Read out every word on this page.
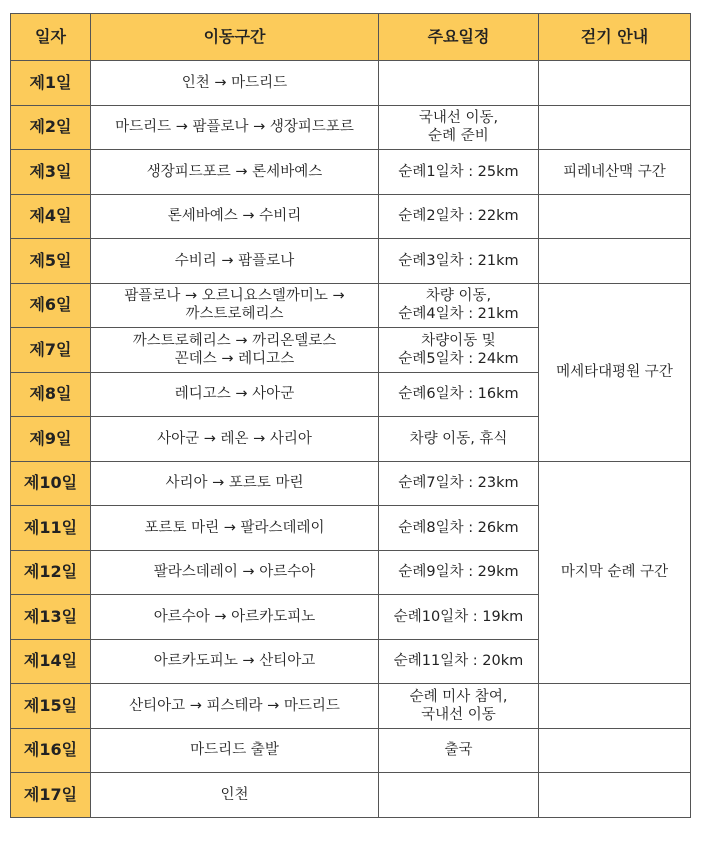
일자	이동구간	주요일정	걷기 안내
제1일	인천 → 마드리드		

제2일	마드리드 → 팜플로나 → 생장피드포르	국내선 이동,
순례 준비	

제3일	생장피드포르 → 론세바예스	순례1일차 : 25km	피레네산맥 구간
제4일	론세바예스 → 수비리	순례2일차 : 22km	

제5일	수비리 → 팜플로나	순례3일차 : 21km	

제6일	팜플로나 → 오르니요스델까미노 →
까스트로헤리스	차량 이동,
순례4일차 : 21km	메세타대평원 구간
제7일	까스트로헤리스 → 까리온델로스
꼰데스 → 레디고스	차량이동 및
순례5일차 : 24km	

제8일	레디고스 → 사아군	순례6일차 : 16km	

제9일	사아군 → 레온 → 사리아	차량 이동, 휴식	

제10일	사리아 → 포르토 마린	순례7일차 : 23km	마지막 순례 구간
제11일	포르토 마린 → 팔라스데레이	순례8일차 : 26km	

제12일	팔라스데레이 → 아르수아	순례9일차 : 29km	

제13일	아르수아 → 아르카도피노	순례10일차 : 19km	

제14일	아르카도피노 → 산티아고	순례11일차 : 20km	

제15일	산티아고 → 피스테라 → 마드리드	순례 미사 참여,
국내선 이동	

제16일	마드리드 출발	출국	

제17일	인천		
